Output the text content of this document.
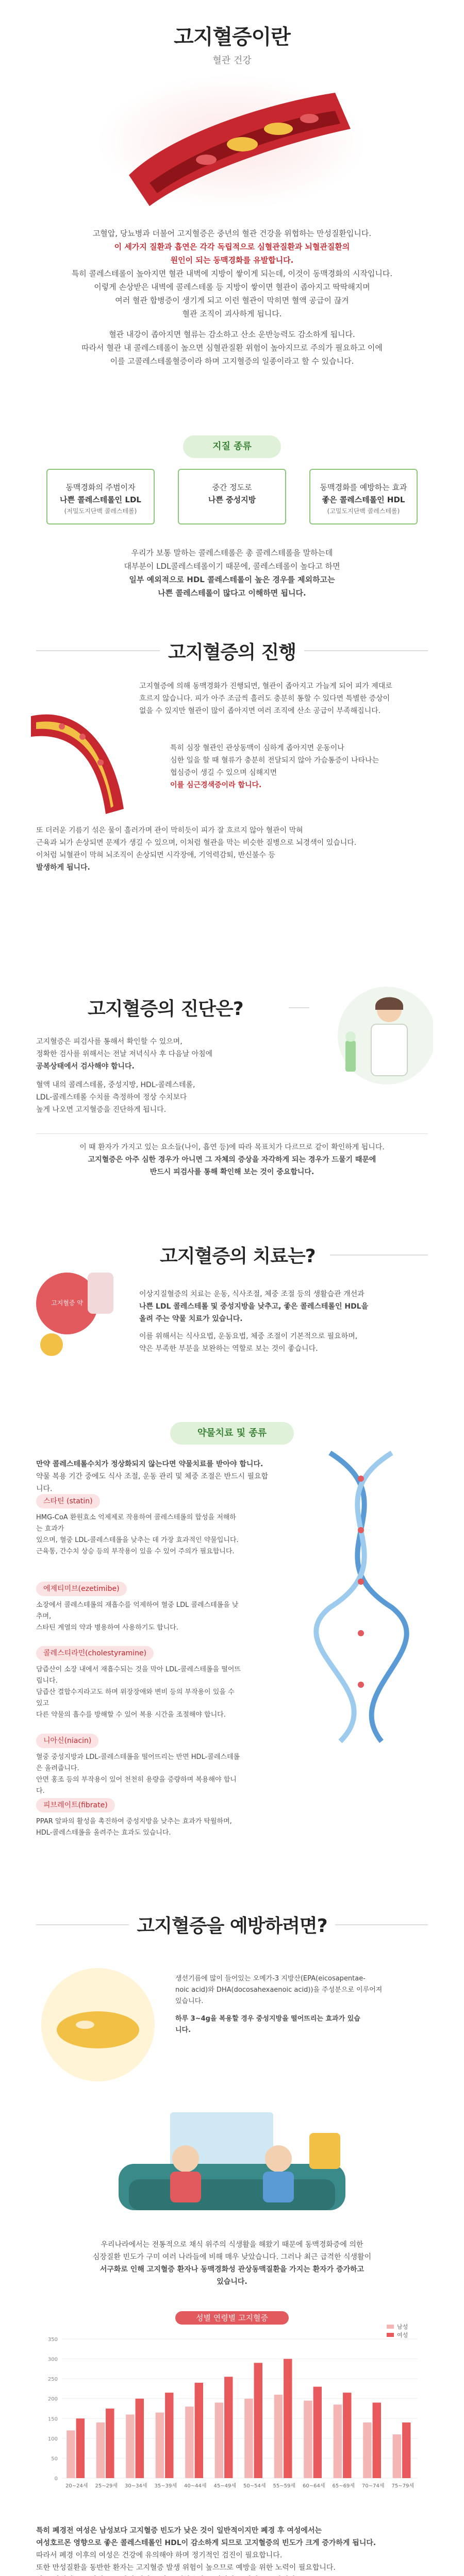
고지혈증이란
혈관 건강
고혈압, 당뇨병과 더불어 고지혈증은 중년의 혈관 건강을 위협하는 만성질환입니다.
이 세가지 질환과 흡연은 각각 독립적으로 심혈관질환과 뇌혈관질환의
원인이 되는 동맥경화를 유발합니다.
특히 콜레스테롤이 높아지면 혈관 내벽에 지방이 쌓이게 되는데, 이것이 동맥경화의 시작입니다.
이렇게 손상받은 내벽에 콜레스테롤 등 지방이 쌓이면 혈관이 좁아지고 딱딱해지며
여러 혈관 합병증이 생기게 되고 이런 혈관이 막히면 혈액 공급이 끊겨
혈관 조직이 괴사하게 됩니다.
혈관 내강이 좁아지면 혈류는 감소하고 산소 운반능력도 감소하게 됩니다.
따라서 혈관 내 콜레스테롤이 높으면 심혈관질환 위험이 높아지므로 주의가 필요하고 이에
이를 고콜레스테롤혈증이라 하며 고지혈증의 일종이라고 할 수 있습니다.
지질 종류
동맥경화의 주범이자
나쁜 콜레스테롤인 LDL
(저밀도지단백 콜레스테롤)
중간 정도로
나쁜 중성지방
동맥경화를 예방하는 효과
좋은 콜레스테롤인 HDL
(고밀도지단백 콜레스테롤)
우리가 보통 말하는 콜레스테롤은 총 콜레스테롤을 말하는데
대부분이 LDL콜레스테롤이기 때문에, 콜레스테롤이 높다고 하면
일부 예외적으로 HDL 콜레스테롤이 높은 경우를 제외하고는
나쁜 콜레스테롤이 많다고 이해하면 됩니다.
고지혈증의 진행
고지혈증에 의해 동맥경화가 진행되면, 혈관이 좁아지고 가늘게 되어 피가 제대로
흐르지 않습니다. 피가 아주 조금씩 흘러도 충분히 통할 수 있다면 특별한 증상이
없을 수 있지만 혈관이 많이 좁아지면 여러 조직에 산소 공급이 부족해집니다.
특히 심장 혈관인 관상동맥이 심하게 좁아지면 운동이나
심한 일을 할 때 혈류가 충분히 전달되지 않아 가슴통증이 나타나는
협심증이 생길 수 있으며 심해지면
이를 심근경색증이라 합니다.
또 더러운 기름기 섞은 물이 흘러가며 관이 막히듯이 피가 잘 흐르지 않아 혈관이 막혀
근육과 뇌가 손상되면 문제가 생길 수 있으며, 이처럼 혈관을 막는 비슷한 질병으로 뇌경색이 있습니다.
이처럼 뇌혈관이 막혀 뇌조직이 손상되면 시각장애, 기억력감퇴, 반신불수 등
발생하게 됩니다.
고지혈증의 진단은?
고지혈증은 피검사를 통해서 확인할 수 있으며,
정확한 검사를 위해서는 전날 저녁식사 후 다음날 아침에
공복상태에서 검사해야 합니다.
혈액 내의 콜레스테롤, 중성지방, HDL-콜레스테롤,
LDL-콜레스테롤 수치를 측정하여 정상 수치보다
높게 나오면 고지혈증을 진단하게 됩니다.
이 때 환자가 가지고 있는 요소들(나이, 흡연 등)에 따라 목표치가 다르므로 같이 확인하게 됩니다.
고지혈증은 아주 심한 경우가 아니면 그 자체의 증상을 자각하게 되는 경우가 드물기 때문에
반드시 피검사를 통해 확인해 보는 것이 중요합니다.
고지혈증의 치료는?
고지혈증 약
이상지질혈증의 치료는 운동, 식사조절, 체중 조절 등의 생활습관 개선과
나쁜 LDL 콜레스테롤 및 중성지방을 낮추고, 좋은 콜레스테롤인 HDL을
올려 주는 약물 치료가 있습니다.
이를 위해서는 식사요법, 운동요법, 체중 조절이 기본적으로 필요하며,
약은 부족한 부분을 보완하는 역할로 보는 것이 좋습니다.
약물치료 및 종류
만약 콜레스테롤수치가 정상화되지 않는다면 약물치료를 받아야 합니다.
약물 복용 기간 중에도 식사 조절, 운동 관리 및 체중 조절은 반드시 필요합니다.
스타틴 (statin)
HMG-CoA 환원효소 억제제로 작용하여 콜레스테롤의 합성을 저해하는 효과가
있으며, 혈중 LDL-콜레스테롤을 낮추는 데 가장 효과적인 약물입니다.
근육통, 간수치 상승 등의 부작용이 있을 수 있어 주의가 필요합니다.
에제티미브(ezetimibe)
소장에서 콜레스테롤의 재흡수를 억제하여 혈중 LDL 콜레스테롤을 낮추며,
스타틴 계열의 약과 병용하여 사용하기도 합니다.
콜레스티라민(cholestyramine)
담즙산이 소장 내에서 재흡수되는 것을 막아 LDL-콜레스테롤을 떨어뜨립니다.
담즙산 결합수지라고도 하며 위장장애와 변비 등의 부작용이 있을 수 있고
다른 약물의 흡수를 방해할 수 있어 복용 시간을 조절해야 합니다.
니아신(niacin)
혈중 중성지방과 LDL-콜레스테롤을 떨어뜨리는 반면 HDL-콜레스테롤은 올려줍니다.
안면 홍조 등의 부작용이 있어 천천히 용량을 증량하며 복용해야 합니다.
피브레이트(fibrate)
PPAR 알파의 활성을 촉진하여 중성지방을 낮추는 효과가 탁월하며,
HDL-콜레스테롤을 올려주는 효과도 있습니다.
고지혈증을 예방하려면?
생선기름에 많이 들어있는 오메가-3 지방산(EPA(eicosapentae-
noic acid)와 DHA(docosahexaenoic acid))을 주성분으로 이루어져
있습니다.
하루 3~4g을 복용할 경우 중성지방을 떨어뜨리는 효과가 있습
니다.
우리나라에서는 전통적으로 채식 위주의 식생활을 해왔기 때문에 동맥경화증에 의한
심장질환 빈도가 구미 여러 나라들에 비해 매우 낮았습니다. 그러나 최근 급격한 식생활이
서구화로 인해 고지혈증 환자나 동맥경화성 관상동맥질환을 가지는 환자가 증가하고
있습니다.
성별 연령별 고지혈증
남성
여성
0
50
100
150
200
250
300
350
20~24세 25~29세 30~34세 35~39세 40~44세 45~49세 50~54세 55~59세 60~64세 65~69세 70~74세 75~79세
특히 폐경전 여성은 남성보다 고지혈증 빈도가 낮은 것이 일반적이지만 폐경 후 여성에서는
여성호르몬 영향으로 좋은 콜레스테롤인 HDL이 감소하게 되므로 고지혈증의 빈도가 크게 증가하게 됩니다.
따라서 폐경 이후의 여성은 건강에 유의해야 하며 정기적인 검진이 필요합니다.
또한 만성질환을 동반한 환자는 고지혈증 발생 위험이 높으므로 예방을 위한 노력이 필요합니다.
